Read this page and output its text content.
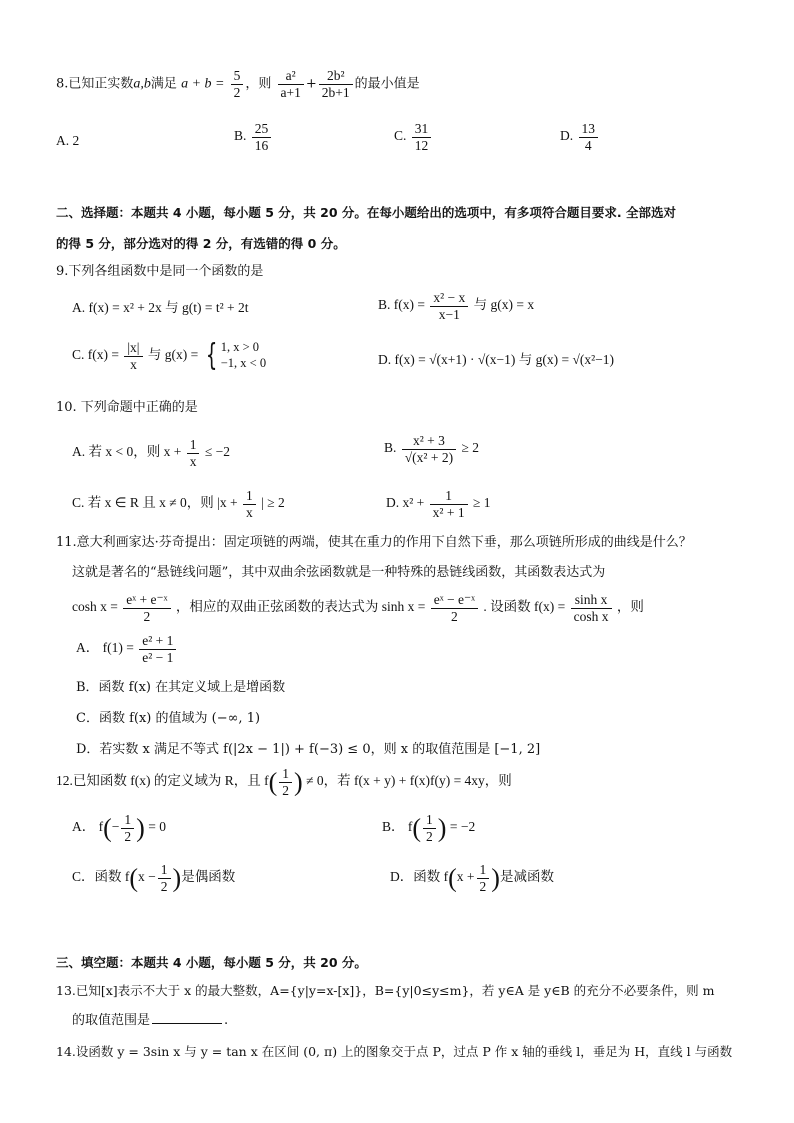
8.已知正实数a,b满足 $a + b = \frac{5}{2}$ ，则 $\frac{\text{a²}}{a+1} + \frac{\text{2b²}}{2b+1}$ 的最小值是
A. 2	B. $\frac{25}{16}$	C. $\frac{31}{12}$	D. $\frac{13}{4}$
二、选择题：本题共 4 小题，每小题 5 分，共 20 分。在每小题给出的选项中，有多项符合题目要求. 全部选对
的得 5 分，部分选对的得 2 分，有选错的得 0 分。
9.下列各组函数中是同一个函数的是
A. f(x) = x² + 2x 与 g(t) = t² + 2t	B. $f(x) = \frac{\text{x² − x}}{x-1}$ 与 g(x) = x
C. $f(x) = \frac{|x|}{x}$ 与 g(x) = { 1, x > 0
−1, x < 0	D. f(x) = √(x+1) · √(x−1) 与 g(x) = √(x²−1)
10. 下列命题中正确的是
A. 若 x < 0，则 $x + \frac{1}{x} \le -2$	B. $\frac{\text{x² + 3}}{\text{√(x² + 2)}} \ge 2$
C. 若 x ∈ R 且 x ≠ 0，则 $|x + \frac{1}{x}$ | ≥ 2	D. $x^2 + \frac{1}{\text{x² + 1}} \ge 1$
11.意大利画家达·芬奇提出：固定项链的两端，使其在重力的作用下自然下垂，那么项链所形成的曲线是什么？
这就是著名的“悬链线问题”，其中双曲余弦函数就是一种特殊的悬链线函数，其函数表达式为
$\cosh x = \frac{\text{eˣ + e⁻ˣ}}{2}$ ，相应的双曲正弦函数的表达式为 $\sinh x = \frac{\text{eˣ − e⁻ˣ}}{2}$ . 设函数 $f(x) = \frac{\text{sinh x}}{\text{cosh x}}$ ，则
A． $f(1) = \frac{\text{e² + 1}}{\text{e² − 1}}$
B．函数 f(x) 在其定义域上是增函数
C．函数 f(x) 的值域为 (−∞, 1)
D．若实数 x 满足不等式 f(|2x − 1|) + f(−3) ≤ 0，则 x 的取值范围是 [−1, 2]
12.已知函数 f(x) 的定义域为 R，且 $f( \frac{1}{2}$ ) ≠ 0，若 f(x + y) + f(x)f(y) = 4xy，则
A． $f(- \frac{1}{2}$ ) = 0	B． $f( \frac{1}{2}$ ) = −2
C．函数 $f(x - \frac{1}{2}$ )是偶函数	D．函数 $f(x + \frac{1}{2}$ )是减函数
三、填空题：本题共 4 小题，每小题 5 分，共 20 分。
13.已知[x]表示不大于 x 的最大整数，A={y|y=x-[x]}，B={y|0≤y≤m}，若 y∈A 是 y∈B 的充分不必要条件，则 m
的取值范围是	.
14.设函数 y = 3sin x 与 y = tan x 在区间 (0, π) 上的图象交于点 P，过点 P 作 x 轴的垂线 l，垂足为 H，直线 l 与函数
